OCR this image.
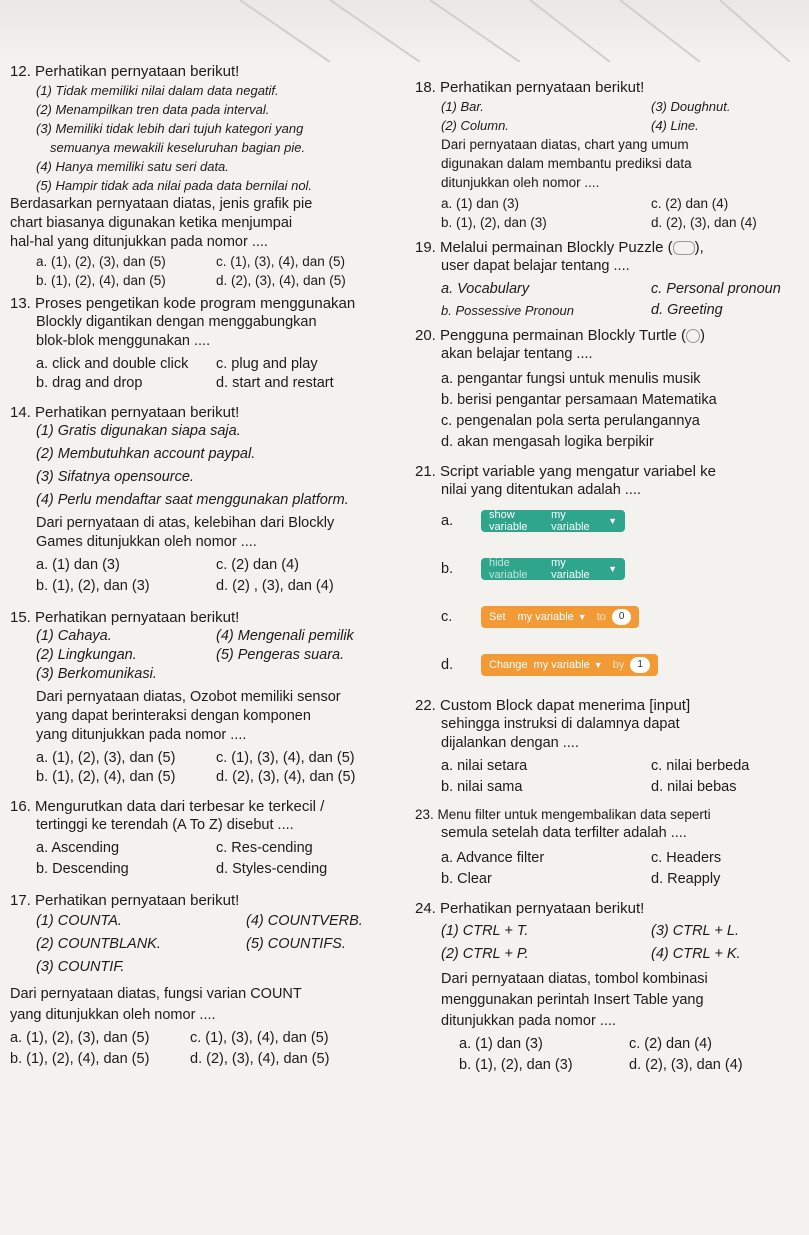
12. Perhatikan pernyataan berikut!
(1) Tidak memiliki nilai dalam data negatif.
(2) Menampilkan tren data pada interval.
(3) Memiliki tidak lebih dari tujuh kategori yang
semuanya mewakili keseluruhan bagian pie.
(4) Hanya memiliki satu seri data.
(5) Hampir tidak ada nilai pada data bernilai nol.
Berdasarkan pernyataan diatas, jenis grafik pie
chart biasanya digunakan ketika menjumpai
hal-hal yang ditunjukkan pada nomor ....
a. (1), (2), (3), dan (5)	c. (1), (3), (4), dan (5)
b. (1), (2), (4), dan (5)	d. (2), (3), (4), dan (5)
13. Proses pengetikan kode program menggunakan
Blockly digantikan dengan menggabungkan
blok-blok menggunakan ....
a. click and double click	c. plug and play
b. drag and drop	d. start and restart
14. Perhatikan pernyataan berikut!
(1) Gratis digunakan siapa saja.
(2) Membutuhkan account paypal.
(3) Sifatnya opensource.
(4) Perlu mendaftar saat menggunakan platform.
Dari pernyataan di atas, kelebihan dari Blockly
Games ditunjukkan oleh nomor ....
a. (1) dan (3)	c. (2) dan (4)
b. (1), (2), dan (3)	d. (2) , (3), dan (4)
15. Perhatikan pernyataan berikut!
(1) Cahaya.	(4) Mengenali pemilik
(2) Lingkungan.	(5) Pengeras suara.
(3) Berkomunikasi.
Dari pernyataan diatas, Ozobot memiliki sensor
yang dapat berinteraksi dengan komponen
yang ditunjukkan pada nomor ....
a. (1), (2), (3), dan (5)	c. (1), (3), (4), dan (5)
b. (1), (2), (4), dan (5)	d. (2), (3), (4), dan (5)
16. Mengurutkan data dari terbesar ke terkecil /
tertinggi ke terendah (A To Z) disebut ....
a. Ascending	c. Res-cending
b. Descending	d. Styles-cending
17. Perhatikan pernyataan berikut!
(1) COUNTA.	(4) COUNTVERB.
(2) COUNTBLANK.	(5) COUNTIFS.
(3) COUNTIF.
Dari pernyataan diatas, fungsi varian COUNT
yang ditunjukkan oleh nomor ....
a. (1), (2), (3), dan (5)	c. (1), (3), (4), dan (5)
b. (1), (2), (4), dan (5)	d. (2), (3), (4), dan (5)
18. Perhatikan pernyataan berikut!
(1) Bar.	(3) Doughnut.
(2) Column.	(4) Line.
Dari pernyataan diatas, chart yang umum
digunakan dalam membantu prediksi data
ditunjukkan oleh nomor ....
a. (1) dan (3)	c. (2) dan (4)
b. (1), (2), dan (3)	d. (2), (3), dan (4)
19. Melalui permainan Blockly Puzzle ( ),
user dapat belajar tentang ....
a. Vocabulary	c. Personal pronoun
b. Possessive Pronoun	d. Greeting
20. Pengguna permainan Blockly Turtle ( )
akan belajar tentang ....
a. pengantar fungsi untuk menulis musik
b. berisi pengantar persamaan Matematika
c. pengenalan pola serta perulangannya
d. akan mengasah logika berpikir
21. Script variable yang mengatur variabel ke
nilai yang ditentukan adalah ....
a.	show variable
my variable	▼
b.	hide variable
my variable	▼
c.	Set my variable ▼ to	0
d.	Change my variable ▼ by	1
22. Custom Block dapat menerima [input]
sehingga instruksi di dalamnya dapat
dijalankan dengan ....
a. nilai setara	c. nilai berbeda
b. nilai sama	d. nilai bebas
23. Menu filter untuk mengembalikan data seperti
semula setelah data terfilter adalah ....
a. Advance filter	c. Headers
b. Clear	d. Reapply
24. Perhatikan pernyataan berikut!
(1) CTRL + T.	(3) CTRL + L.
(2) CTRL + P.	(4) CTRL + K.
Dari pernyataan diatas, tombol kombinasi
menggunakan perintah Insert Table yang
ditunjukkan pada nomor ....
a. (1) dan (3)	c. (2) dan (4)
b. (1), (2), dan (3)	d. (2), (3), dan (4)
